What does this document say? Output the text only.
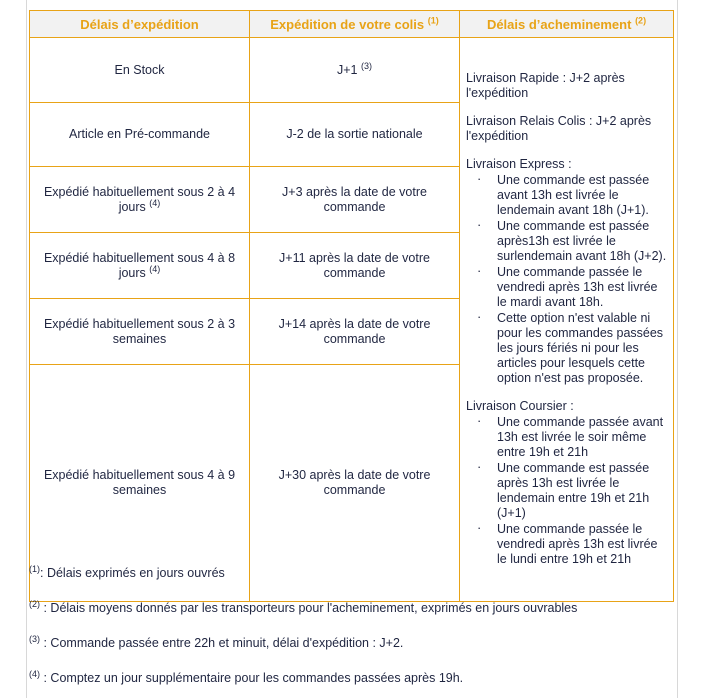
Délais d’expédition	Expédition de votre colis $^{(1)}$	Délais d’acheminement $^{(2)}$
En Stock	J+1 $^{(3)}$	

Livraison Rapide : J+2 après l'expédition

Livraison Relais Colis : J+2 après l'expédition

Livraison Express :

· Une commande est passée avant 13h est livrée le lendemain avant 18h (J+1).
· Une commande est passée après13h est livrée le surlendemain avant 18h (J+2).
· Une commande passée le vendredi après 13h est livrée le mardi avant 18h.
· Cette option n'est valable ni pour les commandes passées les jours fériés ni pour les articles pour lesquels cette option n'est pas proposée.

Livraison Coursier :

· Une commande passée avant 13h est livrée le soir même entre 19h et 21h
· Une commande est passée après 13h est livrée le lendemain entre 19h et 21h (J+1)
· Une commande passée le vendredi après 13h est livrée le lundi entre 19h et 21h

Article en Pré-commande	J-2 de la sortie nationale	
Expédié habituellement sous 2 à 4 jours $^{(4)}$	J+3 après la date de votre commande	
Expédié habituellement sous 4 à 8 jours $^{(4)}$	J+11 après la date de votre commande	
Expédié habituellement sous 2 à 3 semaines	J+14 après la date de votre commande	
Expédié habituellement sous 4 à 9 semaines	J+30 après la date de votre commande	

$^{(1)}$: Délais exprimés en jours ouvrés

$^{(2)}$ : Délais moyens donnés par les transporteurs pour l'acheminement, exprimés en jours ouvrables

$^{(3)}$ : Commande passée entre 22h et minuit, délai d'expédition : J+2.

$^{(4)}$ : Comptez un jour supplémentaire pour les commandes passées après 19h.
